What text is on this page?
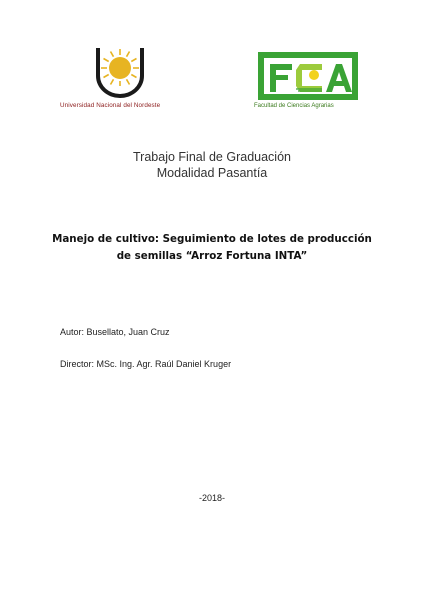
Universidad Nacional del Nordeste	Facultad de Ciencias Agrarias
Trabajo Final de Graduación
Modalidad Pasantía
Manejo de cultivo: Seguimiento de lotes de producción
de semillas “Arroz Fortuna INTA”
Autor: Busellato, Juan Cruz
Director: MSc. Ing. Agr. Raúl Daniel Kruger
-2018-
